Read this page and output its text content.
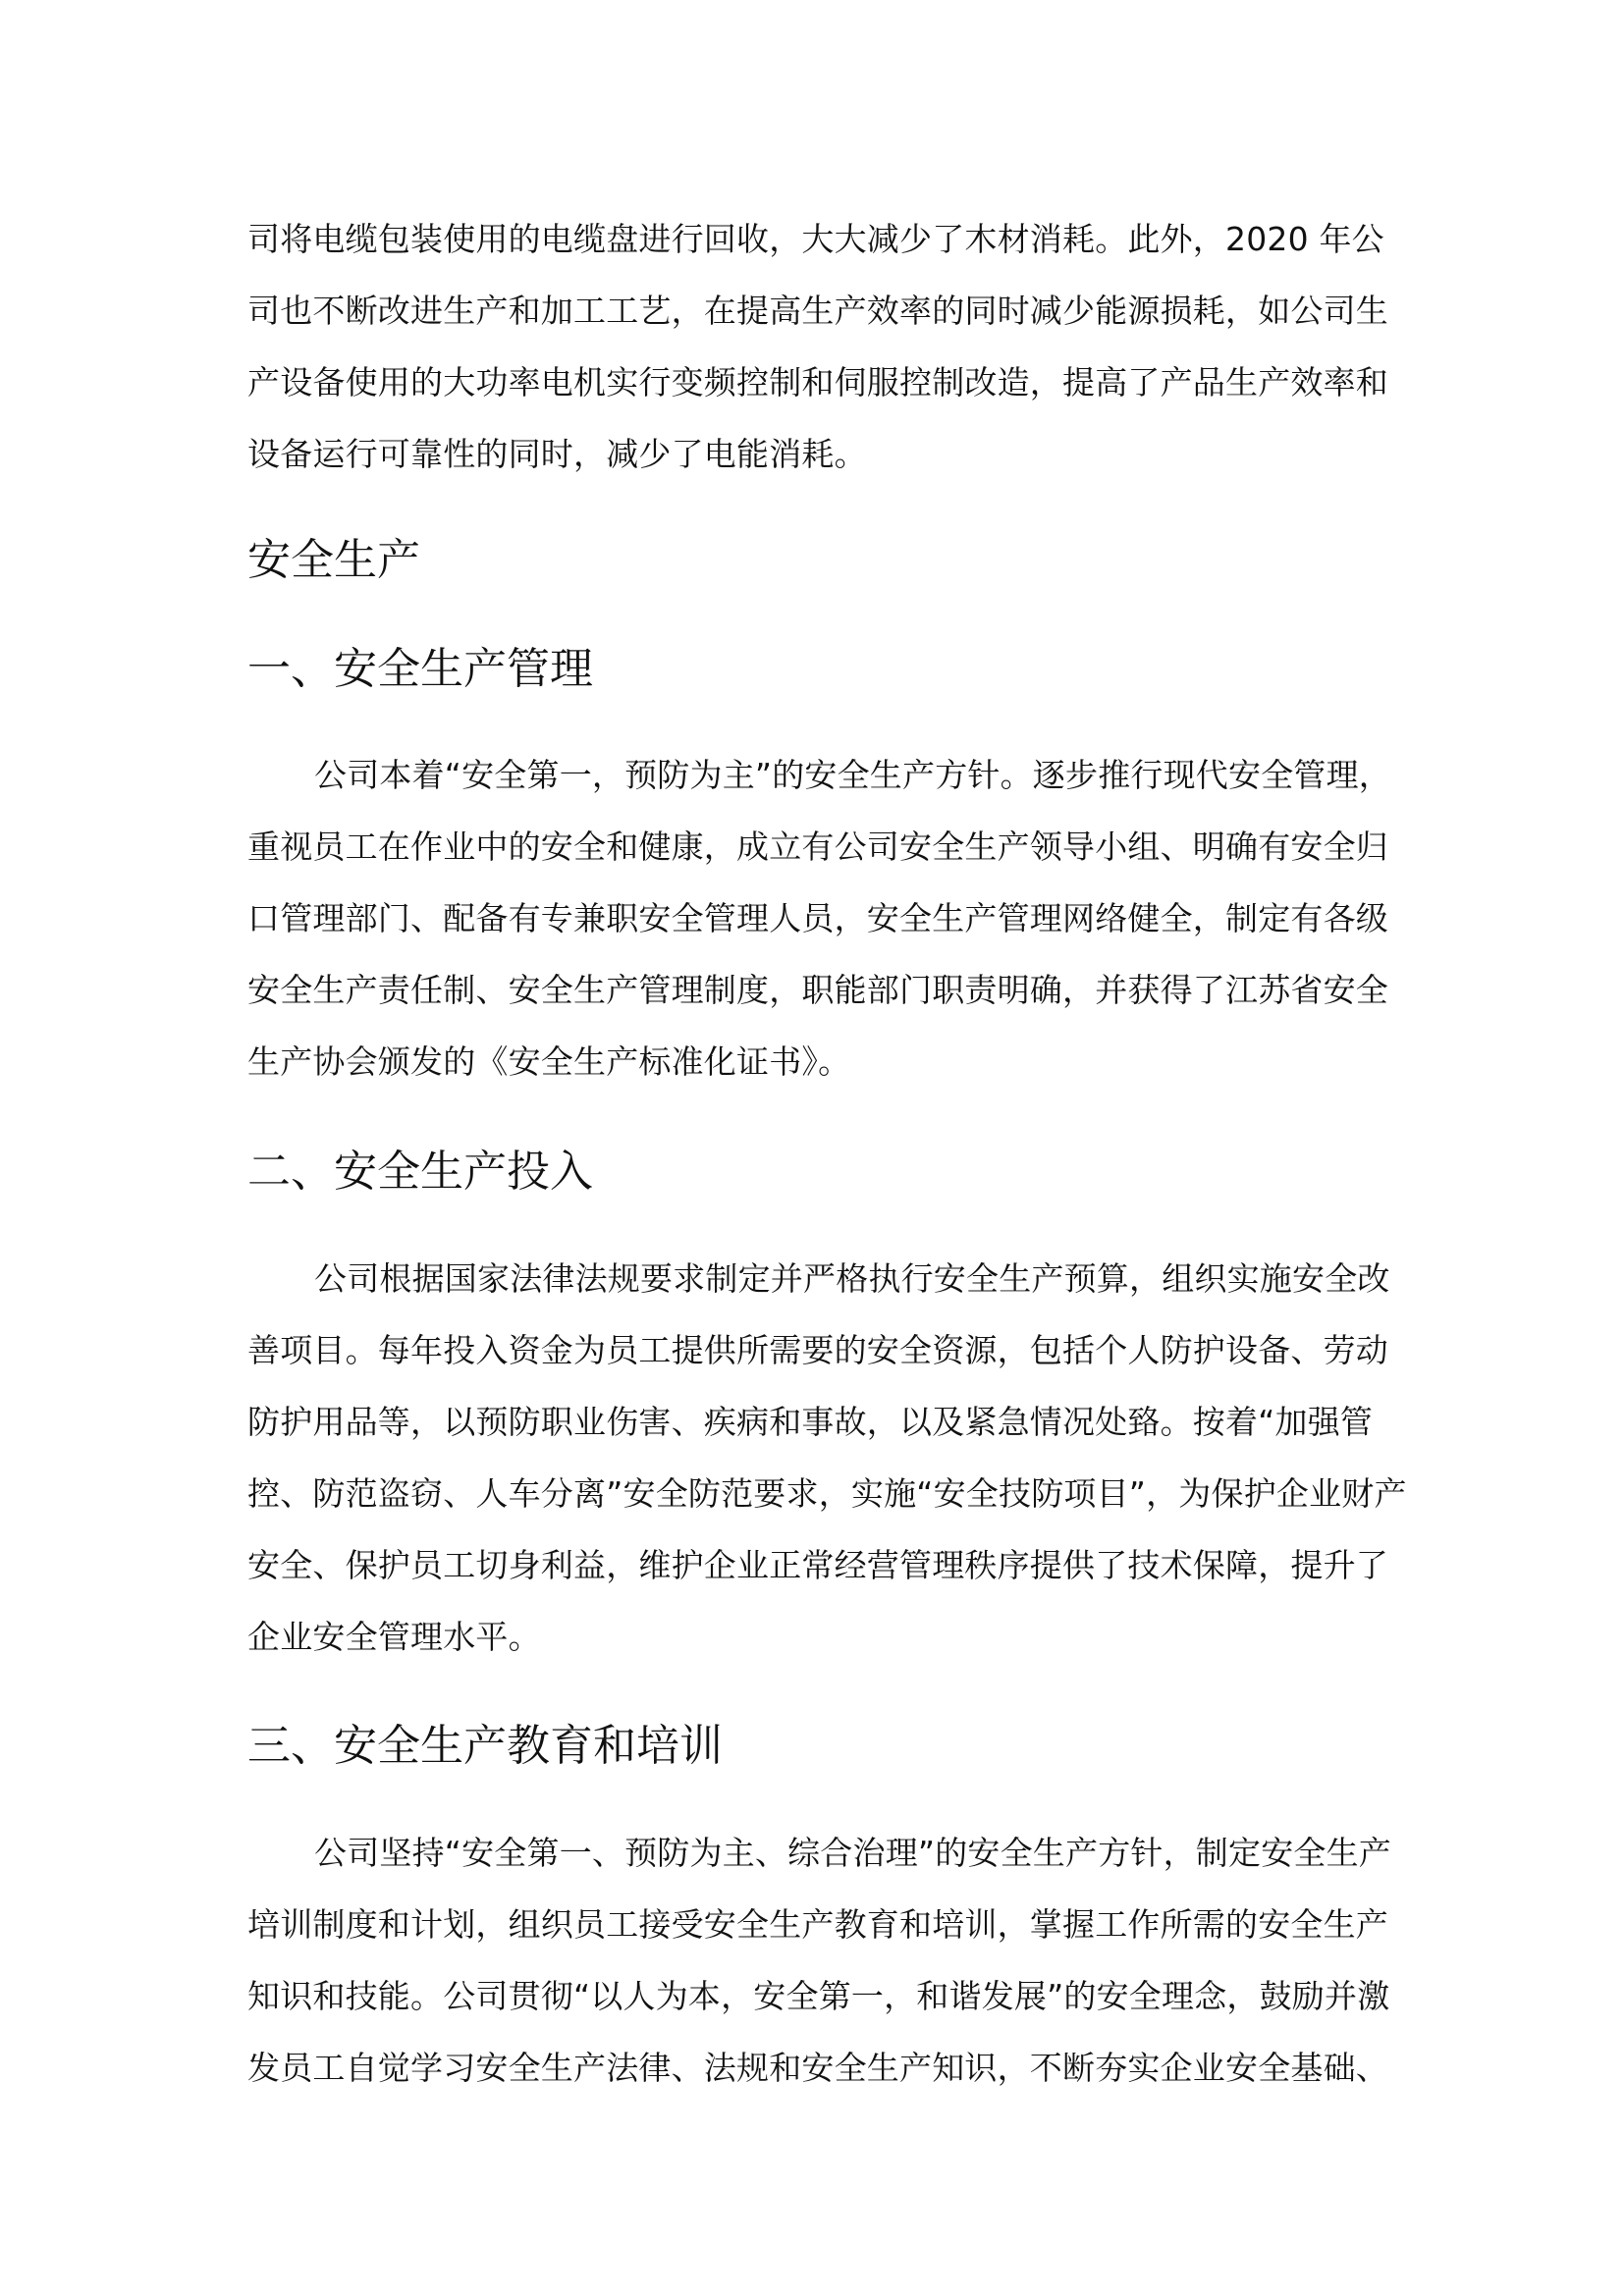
司将电缆包装使用的电缆盘进行回收，大大减少了木材消耗。此外，2020 年公

司也不断改进生产和加工工艺，在提高生产效率的同时减少能源损耗，如公司生

产设备使用的大功率电机实行变频控制和伺服控制改造，提高了产品生产效率和

设备运行可靠性的同时，减少了电能消耗。

安全生产
一、安全生产管理

公司本着“安全第一，预防为主”的安全生产方针。逐步推行现代安全管理，

重视员工在作业中的安全和健康，成立有公司安全生产领导小组、明确有安全归

口管理部门、配备有专兼职安全管理人员，安全生产管理网络健全，制定有各级

安全生产责任制、安全生产管理制度，职能部门职责明确，并获得了江苏省安全

生产协会颁发的《安全生产标准化证书》。

二、安全生产投入

公司根据国家法律法规要求制定并严格执行安全生产预算，组织实施安全改

善项目。每年投入资金为员工提供所需要的安全资源，包括个人防护设备、劳动

防护用品等，以预防职业伤害、疾病和事故，以及紧急情况处臵。按着“加强管

控、防范盗窃、人车分离”安全防范要求，实施“安全技防项目”，为保护企业财产

安全、保护员工切身利益，维护企业正常经营管理秩序提供了技术保障，提升了

企业安全管理水平。

三、安全生产教育和培训

公司坚持“安全第一、预防为主、综合治理”的安全生产方针，制定安全生产

培训制度和计划，组织员工接受安全生产教育和培训，掌握工作所需的安全生产

知识和技能。公司贯彻“以人为本，安全第一，和谐发展”的安全理念，鼓励并激

发员工自觉学习安全生产法律、法规和安全生产知识，不断夯实企业安全基础、
